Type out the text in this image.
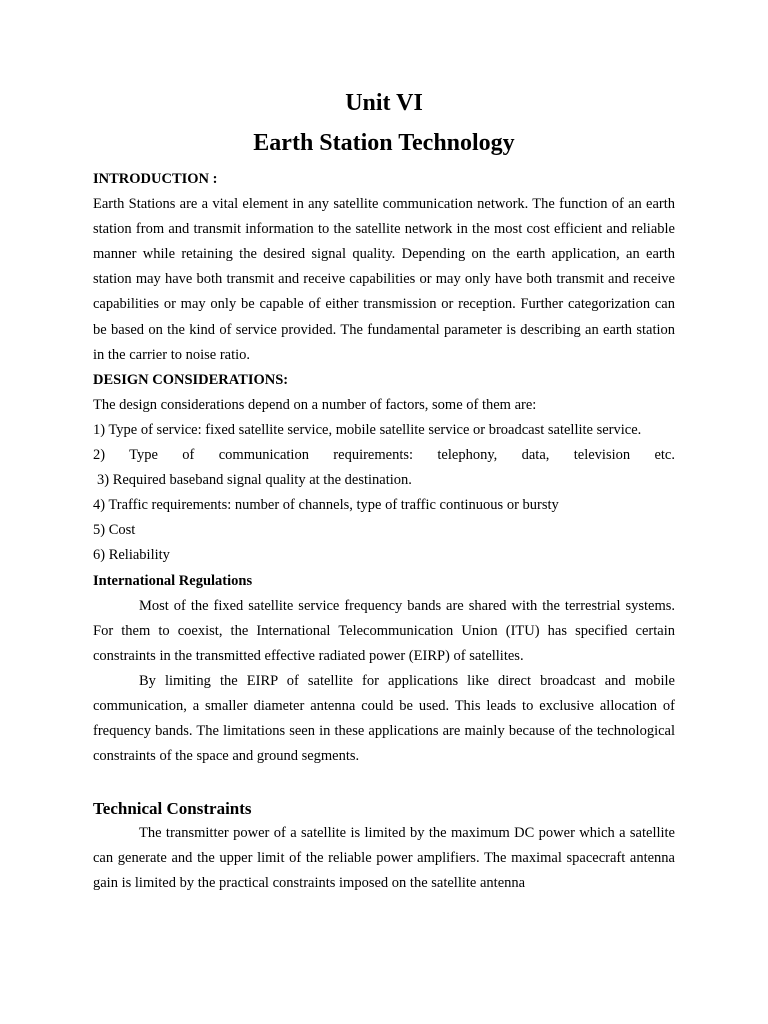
Unit VI
Earth Station Technology

INTRODUCTION :

Earth Stations are a vital element in any satellite communication network. The function of an earth station from and transmit information to the satellite network in the most cost efficient and reliable manner while retaining the desired signal quality. Depending on the earth application, an earth station may have both transmit and receive capabilities or may only have both transmit and receive capabilities or may only be capable of either transmission or reception. Further categorization can be based on the kind of service provided. The fundamental parameter is describing an earth station in the carrier to noise ratio.

DESIGN CONSIDERATIONS:

The design considerations depend on a number of factors, some of them are:

1) Type of service: fixed satellite service, mobile satellite service or broadcast satellite service.

2) Type of communication requirements: telephony, data, television etc.

3) Required baseband signal quality at the destination.

4) Traffic requirements: number of channels, type of traffic continuous or bursty

5) Cost

6) Reliability

International Regulations

Most of the fixed satellite service frequency bands are shared with the terrestrial systems. For them to coexist, the International Telecommunication Union (ITU) has specified certain constraints in the transmitted effective radiated power (EIRP) of satellites.

By limiting the EIRP of satellite for applications like direct broadcast and mobile communication, a smaller diameter antenna could be used. This leads to exclusive allocation of frequency bands. The limitations seen in these applications are mainly because of the technological constraints of the space and ground segments.

Technical Constraints

The transmitter power of a satellite is limited by the maximum DC power which a satellite can generate and the upper limit of the reliable power amplifiers. The maximal spacecraft antenna gain is limited by the practical constraints imposed on the satellite antenna
